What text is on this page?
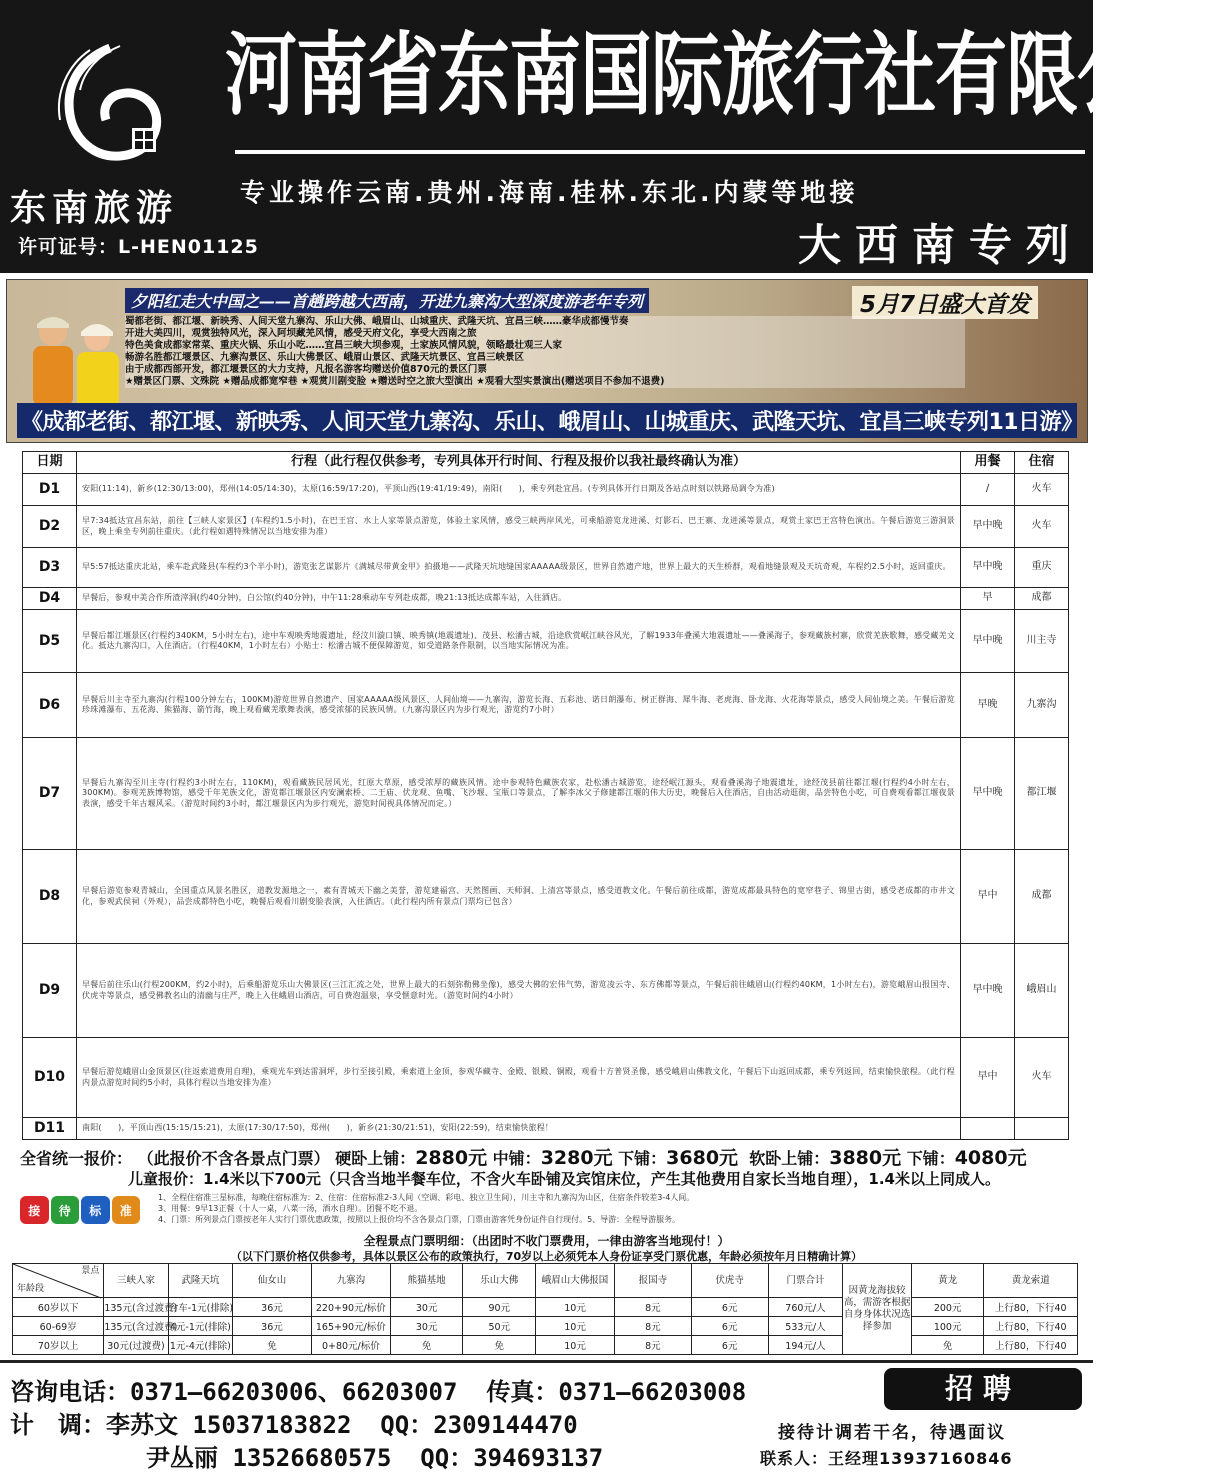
东南旅游
许可证号：L-HEN01125
河南省东南国际旅行社有限公司
专业操作云南.贵州.海南.桂林.东北.内蒙等地接
大西南专列
夕阳红走大中国之——首趟跨越大西南，开进九寨沟大型深度游老年专列	5月7日盛大首发
蜀都老街、都江堰、新映秀、人间天堂九寨沟、乐山大佛、峨眉山、山城重庆、武隆天坑、宜昌三峡……豪华成都慢节奏
开进大美四川，观赏独特风光，深入阿坝藏羌风情，感受天府文化，享受大西南之旅
特色美食成都家常菜、重庆火锅、乐山小吃……宜昌三峡大坝参观，土家族风情风貌，领略最壮观三人家
畅游名胜都江堰景区、九寨沟景区、乐山大佛景区、峨眉山景区、武隆天坑景区、宜昌三峡景区
由于成都西部开发，都江堰景区的大力支持，凡报名游客均赠送价值870元的景区门票
★赠景区门票、文殊院 ★赠品成都宽窄巷 ★观赏川剧变脸 ★赠送时空之旅大型演出 ★观看大型实景演出(赠送项目不参加不退费)
《成都老街、都江堰、新映秀、人间天堂九寨沟、乐山、峨眉山、山城重庆、武隆天坑、宜昌三峡专列11日游》
日期	行程（此行程仅供参考，专列具体开行时间、行程及报价以我社最终确认为准）	用餐	住宿
D1	安阳(11:14)，新乡(12:30/13:00)，郑州(14:05/14:30)，太原(16:59/17:20)，平顶山西(19:41/19:49)，南阳(　　)，乘专列赴宜昌。(专列具体开行日期及各站点时刻以铁路局调令为准)	/	火车
D2	早7:34抵达宜昌东站，前往【三峡人家景区】(车程约1.5小时)，在巴王宫、水上人家等景点游览，体验土家风情，感受三峡两岸风光，可乘船游览龙进溪、灯影石、巴王寨、龙进溪等景点，观赏土家巴王宫特色演出。午餐后游览三游洞景区，晚上乘坐专列前往重庆。（此行程如遇特殊情况以当地安排为准）	早中晚	火车
D3	早5:57抵达重庆北站，乘车赴武隆县(车程约3个半小时)，游览张艺谋影片《满城尽带黄金甲》拍摄地——武隆天坑地缝国家AAAAA级景区，世界自然遗产地，世界上最大的天生桥群，观看地缝景观及天坑奇观，车程约2.5小时，返回重庆。	早中晚	重庆
D4	早餐后，参观中美合作所渣滓洞(约40分钟)，白公馆(约40分钟)，中午11:28乘动车专列赴成都，晚21:13抵达成都车站，入住酒店。	早	成都
D5	早餐后都江堰景区(行程约340KM，5小时左右)，途中车观映秀地震遗址，经汶川漩口镇、映秀镇(地震遗址)、茂县、松潘古城，沿途欣赏岷江峡谷风光，了解1933年叠溪大地震遗址——叠溪海子，参观藏族村寨，欣赏羌族歌舞，感受藏羌文化。抵达九寨沟口，入住酒店。（行程40KM，1小时左右）小贴士：松潘古城不便保障游览，如受道路条件限制，以当地实际情况为准。	早中晚	川主寺
D6	早餐后川主寺至九寨沟(行程100分钟左右，100KM)游览世界自然遗产、国家AAAAA级风景区、人间仙境——九寨沟，游览长海、五彩池、诺日朗瀑布、树正群海、犀牛海、老虎海、卧龙海、火花海等景点，感受人间仙境之美。午餐后游览珍珠滩瀑布、五花海、熊猫海、箭竹海，晚上观看藏羌歌舞表演，感受浓郁的民族风情。（九寨沟景区内为步行观光，游览约7小时）	早晚	九寨沟
D7	早餐后九寨沟至川主寺(行程约3小时左右，110KM)，观看藏族民居风光，红原大草原，感受浓厚的藏族风情。途中参观特色藏族农家，赴松潘古城游览，途经岷江源头，观看叠溪海子地震遗址，途经茂县前往都江堰(行程约4小时左右，300KM)。参观羌族博物馆，感受千年羌族文化，游览都江堰景区内安澜索桥、二王庙、伏龙观、鱼嘴、飞沙堰、宝瓶口等景点，了解李冰父子修建都江堰的伟大历史，晚餐后入住酒店，自由活动逛街，品尝特色小吃，可自费观看都江堰夜景表演，感受千年古堰风采。（游览时间约3小时，都江堰景区内为步行观光，游览时间视具体情况而定。）	早中晚	都江堰
D8	早餐后游览参观青城山，全国重点风景名胜区，道教发源地之一，素有青城天下幽之美誉，游览建福宫、天然图画、天师洞、上清宫等景点，感受道教文化。午餐后前往成都，游览成都最具特色的宽窄巷子、锦里古街，感受老成都的市井文化，参观武侯祠（外观），品尝成都特色小吃，晚餐后观看川剧变脸表演，入住酒店。（此行程内所有景点门票均已包含）	早中	成都
D9	早餐后前往乐山(行程200KM，约2小时)，后乘船游览乐山大佛景区(三江汇流之处，世界上最大的石刻弥勒佛坐像)，感受大佛的宏伟气势，游览凌云寺、东方佛都等景点，午餐后前往峨眉山(行程约40KM，1小时左右)，游览峨眉山报国寺、伏虎寺等景点，感受佛教名山的清幽与庄严，晚上入住峨眉山酒店，可自费泡温泉，享受惬意时光。（游览时间约4小时）	早中晚	峨眉山
D10	早餐后游览峨眉山金顶景区(往返索道费用自理)，乘观光车到达雷洞坪，步行至接引殿，乘索道上金顶，参观华藏寺、金殿、银殿、铜殿，观看十方普贤圣像，感受峨眉山佛教文化，午餐后下山返回成都，乘专列返回，结束愉快旅程。（此行程内景点游览时间约5小时，具体行程以当地安排为准）	早中	火车
D11	南阳(　　)，平顶山西(15:15/15:21)，太原(17:30/17:50)，郑州(　　)，新乡(21:30/21:51)，安阳(22:59)，结束愉快旅程！		
全省统一报价： （此报价不含各景点门票） 硬卧上铺：2880元 中铺：3280元 下铺：3680元 软卧上铺：3880元 下铺：4080元
儿童报价：1.4米以下700元（只含当地半餐车位，不含火车卧铺及宾馆床位，产生其他费用自家长当地自理），1.4米以上同成人。
接	待	标	准
1、全程住宿准三星标准，每晚住宿标准为：2、住宿：住宿标准2-3人间（空调、彩电、独立卫生间），川主寺和九寨沟为山区，住宿条件较差3-4人间。
3、用餐：9早13正餐（十人一桌，八菜一汤，酒水自理）。团餐不吃不退。
4、门票：所列景点门票按老年人实行门票优惠政策，按照以上报价均不含各景点门票，门票由游客凭身份证件自行现付。5、导游：全程导游服务。
全程景点门票明细：（出团时不收门票费用，一律由游客当地现付！）
（以下门票价格仅供参考，具体以景区公布的政策执行，70岁以上必须凭本人身份证享受门票优惠，年龄必须按年月日精确计算）
景点
年龄段	三峡人家	武隆天坑	仙女山	九寨沟	熊猫基地	乐山大佛	峨眉山大佛报国	报国寺	伏虎寺	门票合计	因黄龙海拔较高，需游客根据自身身体状况选择参加	黄龙	黄龙索道
60岁以下	135元(含过渡费)	含车-1元(排除)	36元	220+90元/标价	30元	90元	10元	8元	6元	760元/人		200元	上行80，下行40
60-69岁	135元(含过渡费)	4元-1元(排除)	36元	165+90元/标价	30元	50元	10元	8元	6元	533元/人		100元	上行80，下行40
70岁以上	30元(过渡费)	1元-4元(排除)	免	0+80元/标价	免	免	10元	8元	6元	194元/人		免	上行80，下行40
咨询电话：0371—66203006、66203007 传真：0371—66203008
计　调：李苏文 15037183822 QQ：2309144470
尹丛丽 13526680575 QQ：394693137
招聘
接待计调若干名，待遇面议
联系人：王经理13937160846
